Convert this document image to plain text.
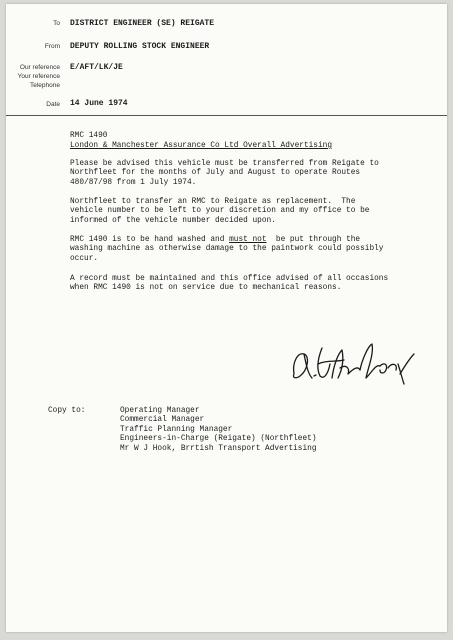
To DISTRICT ENGINEER (SE) REIGATE
From DEPUTY ROLLING STOCK ENGINEER
Our reference E/AFT/LK/JE
Your reference
Telephone
Date 14 June 1974
RMC 1490
London & Manchester Assurance Co Ltd Overall Advertising
Please be advised this vehicle must be transferred from Reigate to
Northfleet for the months of July and August to operate Routes
480/87/98 from 1 July 1974.
Northfleet to transfer an RMC to Reigate as replacement.  The
vehicle number to be left to your discretion and my office to be
informed of the vehicle number decided upon.
RMC 1490 is to be hand washed and must not  be put through the
washing machine as otherwise damage to the paintwork could possibly
occur.
A record must be maintained and this office advised of all occasions
when RMC 1490 is not on service due to mechanical reasons.
Copy to:	Operating Manager
Commercial Manager
Traffic Planning Manager
Engineers-in-Charge (Reigate) (Northfleet)
Mr W J Hook, Brrtish Transport Advertising
